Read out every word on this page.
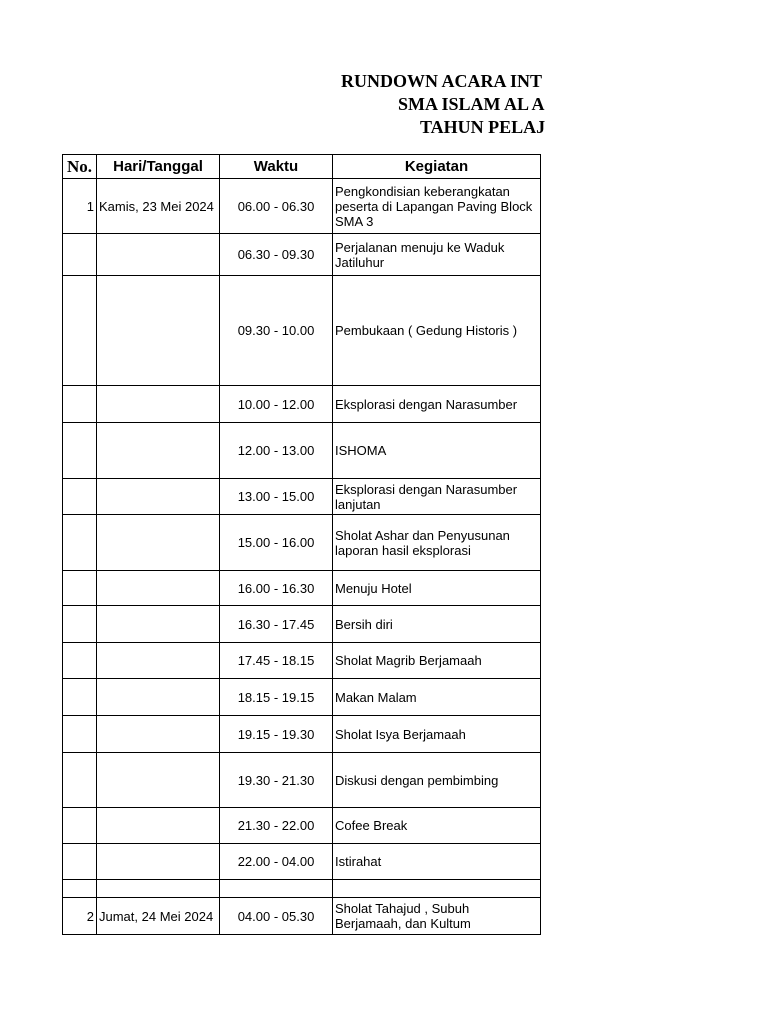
RUNDOWN ACARA INT
SMA ISLAM AL A
TAHUN PELAJ
No.	Hari/Tanggal	Waktu	Kegiatan
1	Kamis, 23 Mei 2024	06.00 - 06.30	Pengkondisian keberangkatan peserta di Lapangan Paving Block SMA 3
		06.30 - 09.30	Perjalanan menuju ke Waduk Jatiluhur
		09.30 - 10.00	Pembukaan ( Gedung Historis )
		10.00 - 12.00	Eksplorasi dengan Narasumber
		12.00 - 13.00	ISHOMA
		13.00 - 15.00	Eksplorasi dengan Narasumber lanjutan
		15.00 - 16.00	Sholat Ashar dan Penyusunan laporan hasil eksplorasi
		16.00 - 16.30	Menuju Hotel
		16.30 - 17.45	Bersih diri
		17.45 - 18.15	Sholat Magrib Berjamaah
		18.15 - 19.15	Makan Malam
		19.15 - 19.30	Sholat Isya Berjamaah
		19.30 - 21.30	Diskusi dengan pembimbing
		21.30 - 22.00	Cofee Break
		22.00 - 04.00	Istirahat

2	Jumat, 24 Mei 2024	04.00 - 05.30	Sholat Tahajud , Subuh Berjamaah, dan Kultum
